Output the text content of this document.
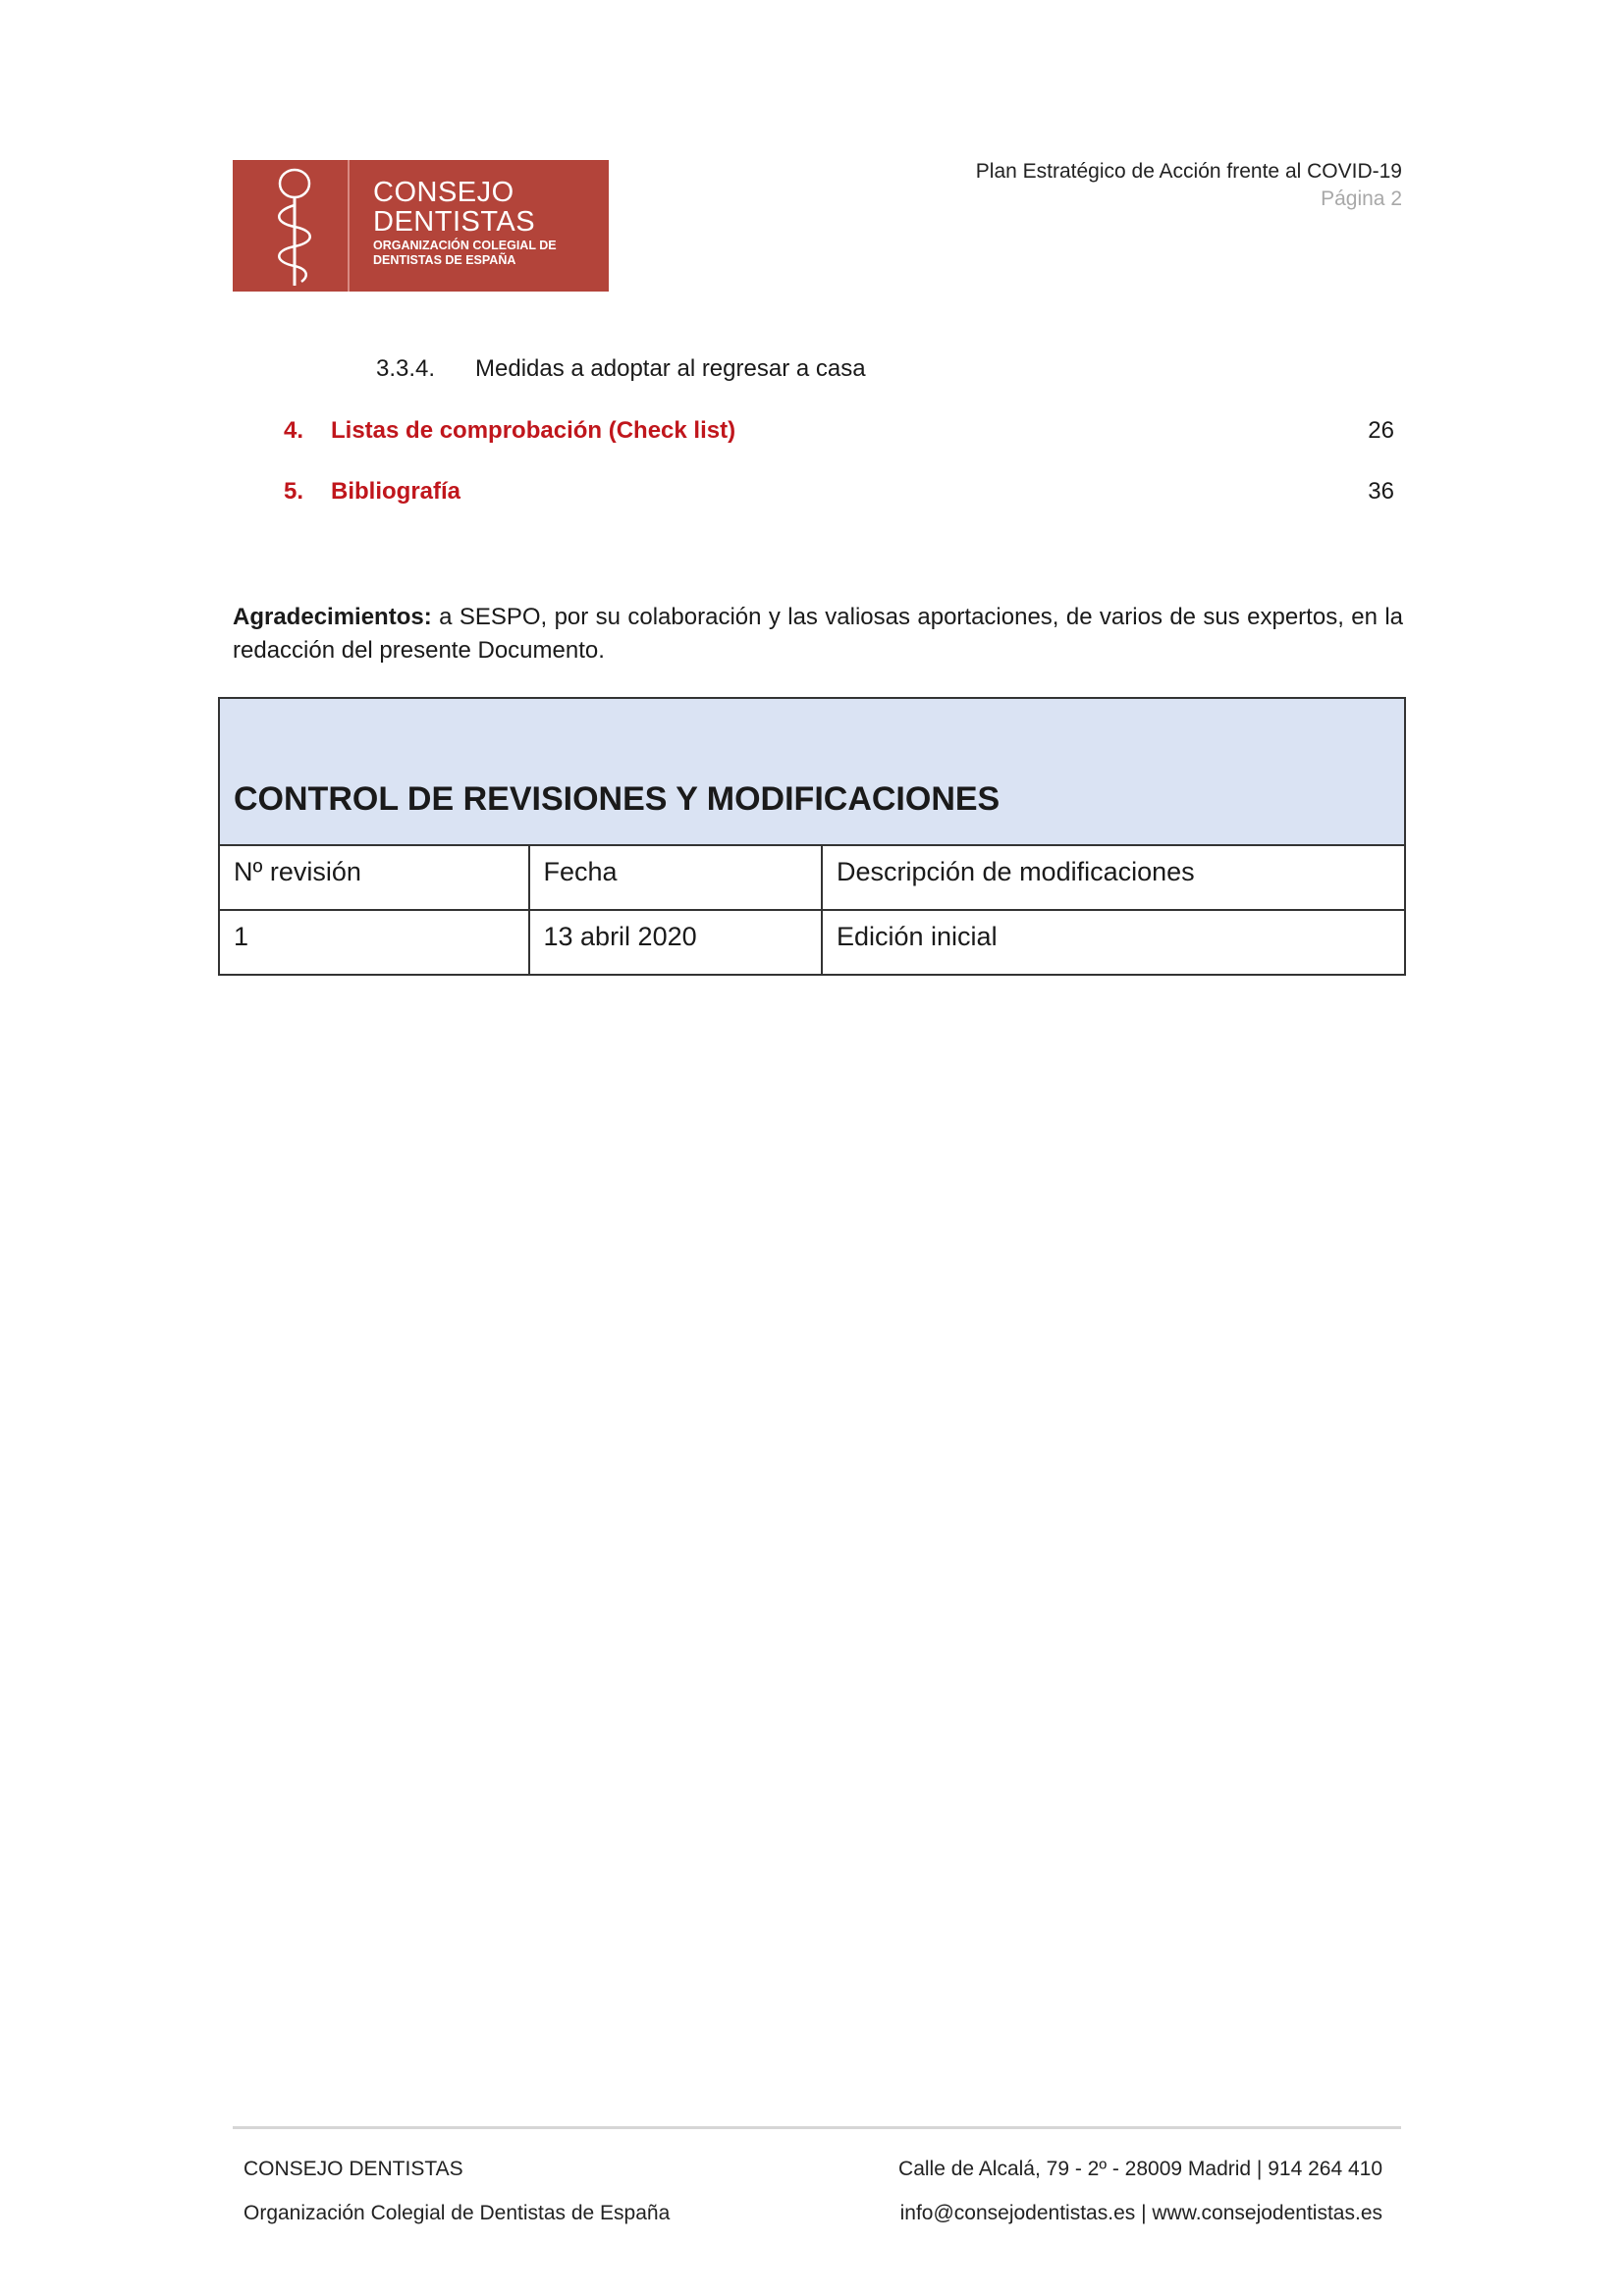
CONSEJO
DENTISTAS
ORGANIZACIÓN COLEGIAL DE DENTISTAS DE ESPAÑA
Plan Estratégico de Acción frente al COVID-19
Página 2
3.3.4. Medidas a adoptar al regresar a casa
4. Listas de comprobación (Check list)	26
5. Bibliografía	36
Agradecimientos: a SESPO, por su colaboración y las valiosas aportaciones, de varios de sus expertos, en la redacción del presente Documento.
CONTROL DE REVISIONES Y MODIFICACIONES		
Nº revisión	Fecha	Descripción de modificaciones
1	13 abril 2020	Edición inicial
CONSEJO DENTISTAS
Organización Colegial de Dentistas de España
Calle de Alcalá, 79 - 2º - 28009 Madrid | 914 264 410
info@consejodentistas.es | www.consejodentistas.es
